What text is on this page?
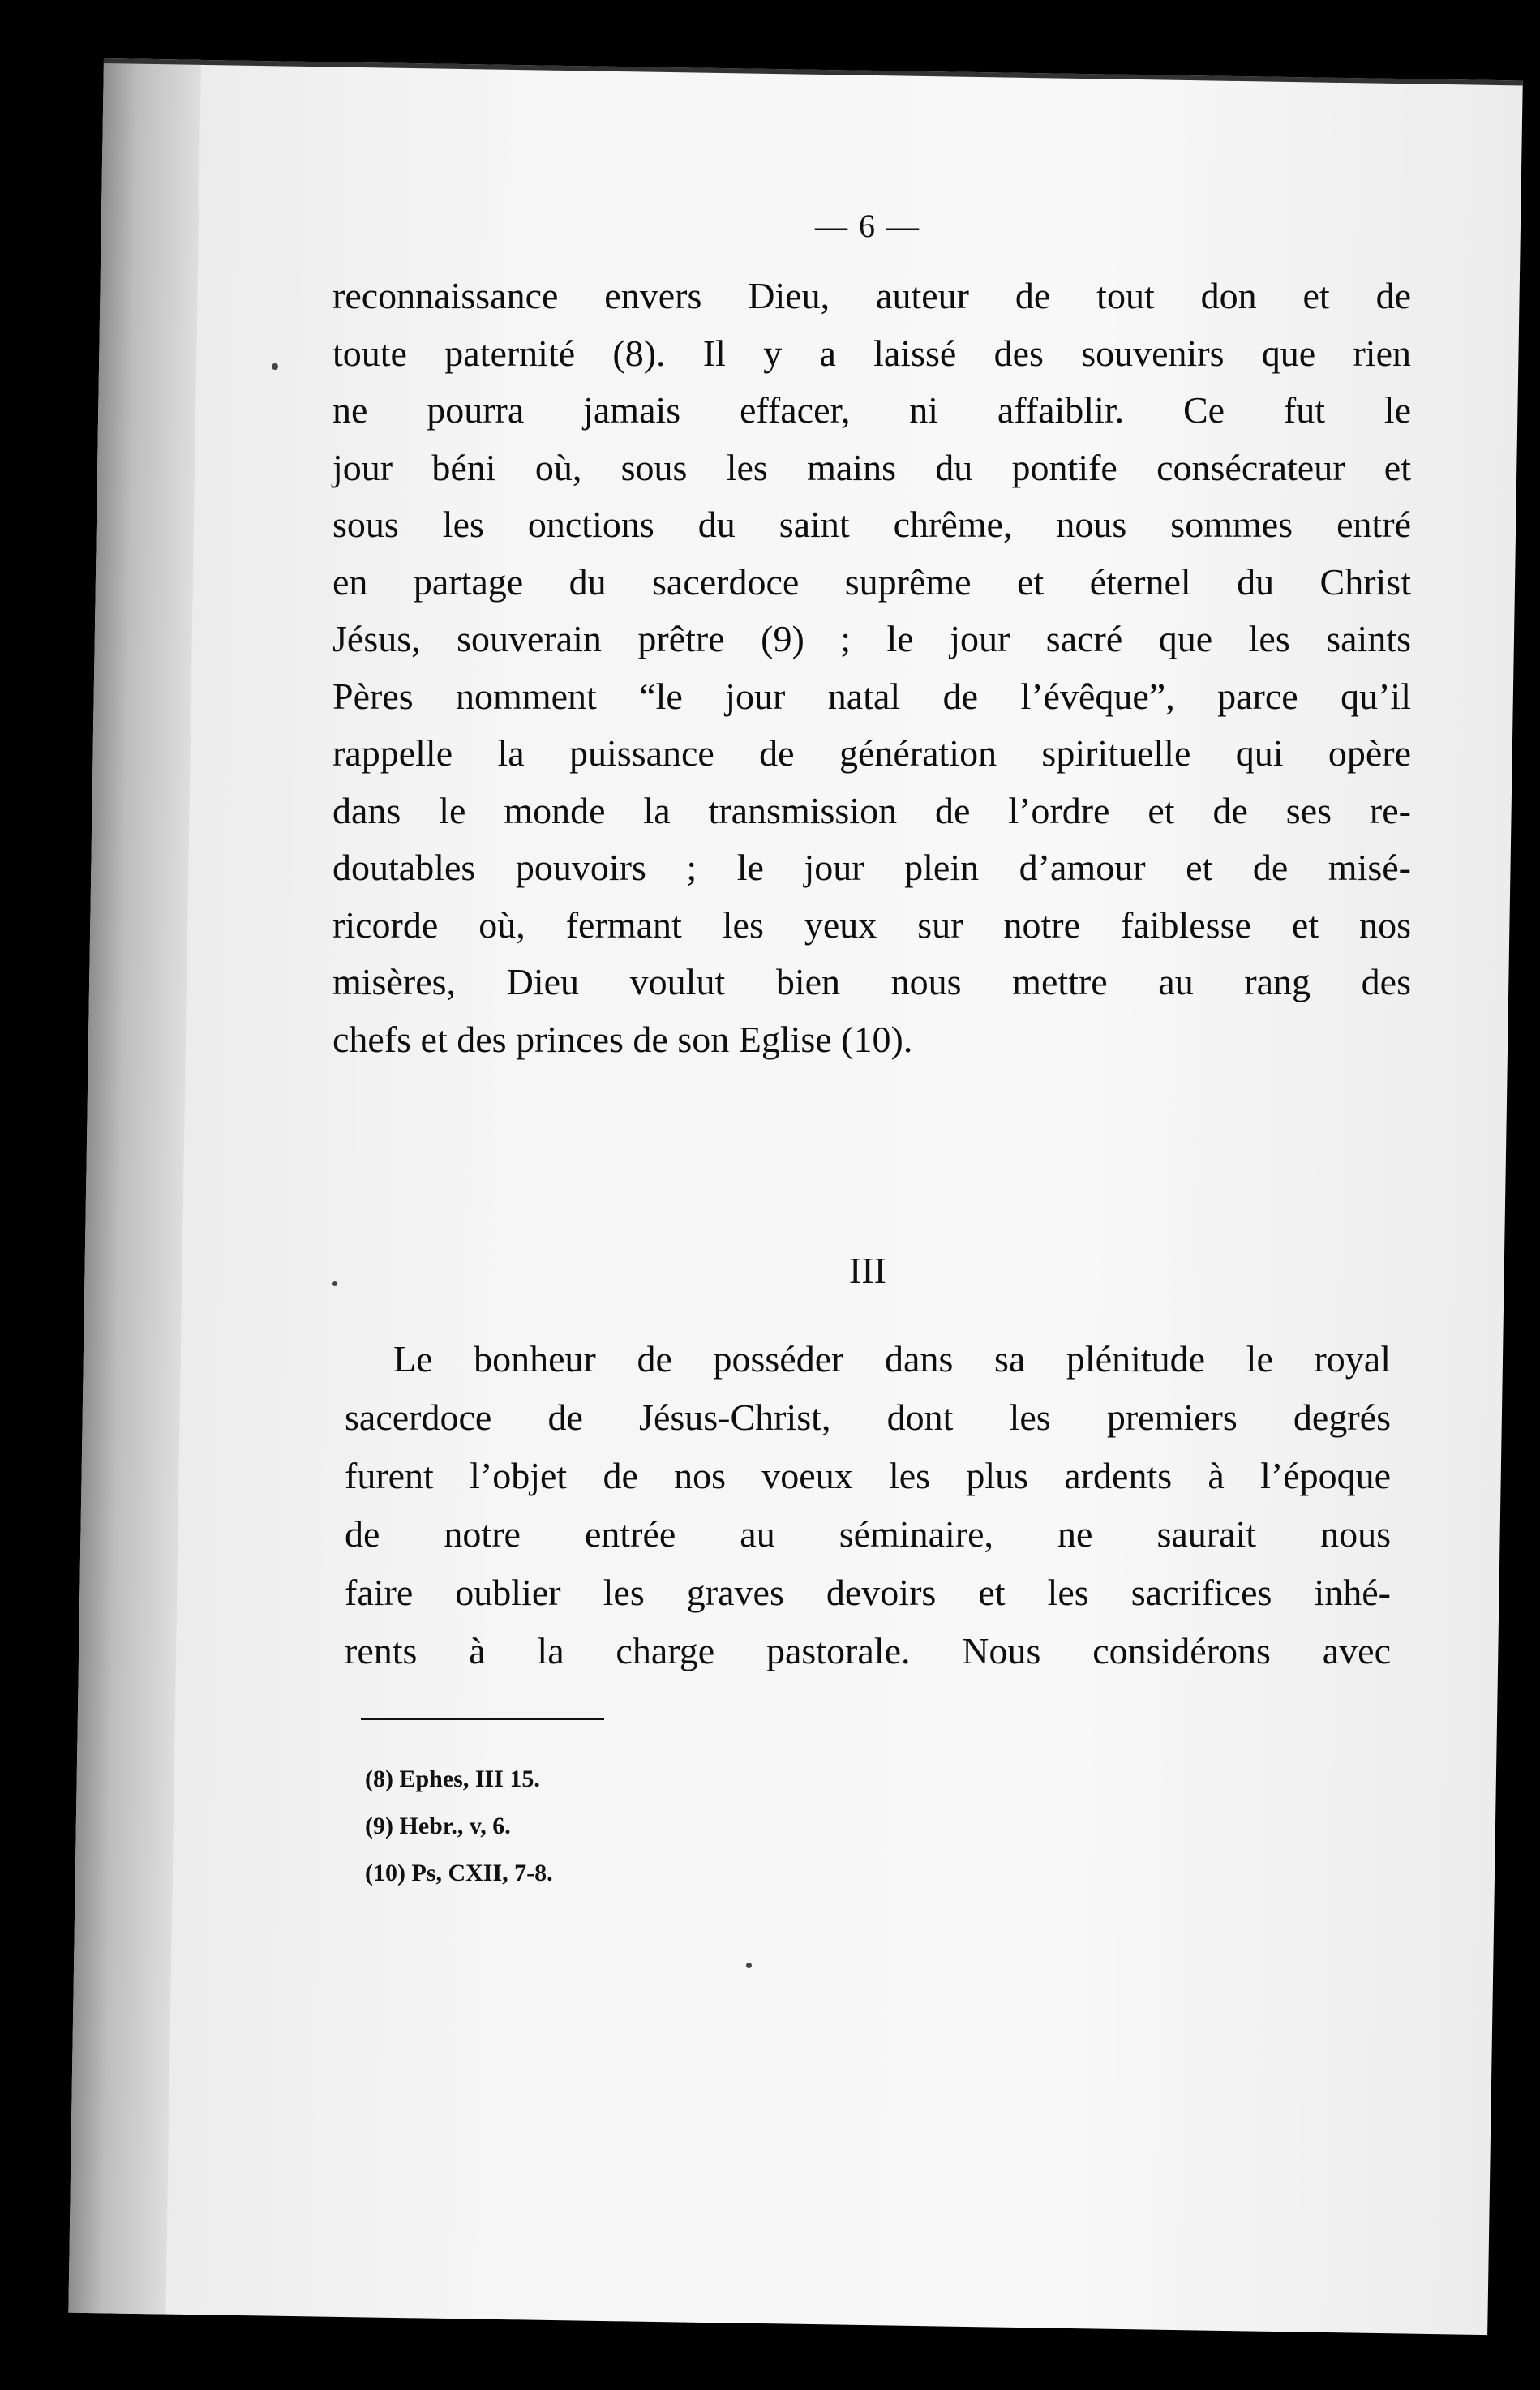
— 6 —
reconnaissance envers Dieu, auteur de tout don et de
toute paternité (8). Il y a laissé des souvenirs que rien
ne pourra jamais effacer, ni affaiblir. Ce fut le
jour béni où, sous les mains du pontife consécrateur et
sous les onctions du saint chrême, nous sommes entré
en partage du sacerdoce suprême et éternel du Christ
Jésus, souverain prêtre (9) ; le jour sacré que les saints
Pères nomment “le jour natal de l’évêque”, parce qu’il
rappelle la puissance de génération spirituelle qui opère
dans le monde la transmission de l’ordre et de ses re-
doutables pouvoirs ; le jour plein d’amour et de misé-
ricorde où, fermant les yeux sur notre faiblesse et nos
misères, Dieu voulut bien nous mettre au rang des
chefs et des princes de son Eglise (10).
III
Le bonheur de posséder dans sa plénitude le royal
sacerdoce de Jésus-Christ, dont les premiers degrés
furent l’objet de nos voeux les plus ardents à l’époque
de notre entrée au séminaire, ne saurait nous
faire oublier les graves devoirs et les sacrifices inhé-
rents à la charge pastorale. Nous considérons avec
(8) Ephes, III 15.
(9) Hebr., v, 6.
(10) Ps, CXII, 7-8.
